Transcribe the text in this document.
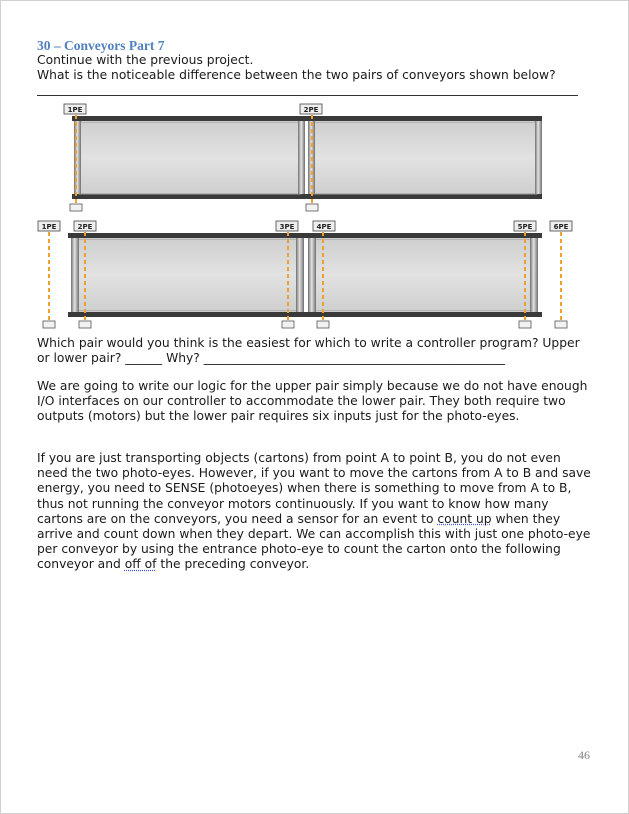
30 – Conveyors Part 7

Continue with the previous project.

What is the noticeable difference between the two pairs of conveyors shown below?

1PE	2PE
1PE	2PE	3PE	4PE	5PE	6PE

Which pair would you think is the easiest for which to write a controller program? Upper

or lower pair? ______ Why? _________________________________________________

We are going to write our logic for the upper pair simply because we do not have enough I/O interfaces on our controller to accommodate the lower pair. They both require two outputs (motors) but the lower pair requires six inputs just for the photo-eyes.

If you are just transporting objects (cartons) from point A to point B, you do not even need the two photo-eyes. However, if you want to move the cartons from A to B and save energy, you need to SENSE (photoeyes) when there is something to move from A to B, thus not running the conveyor motors continuously. If you want to know how many cartons are on the conveyors, you need a sensor for an event to count up when they arrive and count down when they depart. We can accomplish this with just one photo-eye per conveyor by using the entrance photo-eye to count the carton onto the following conveyor and off of the preceding conveyor.

46
